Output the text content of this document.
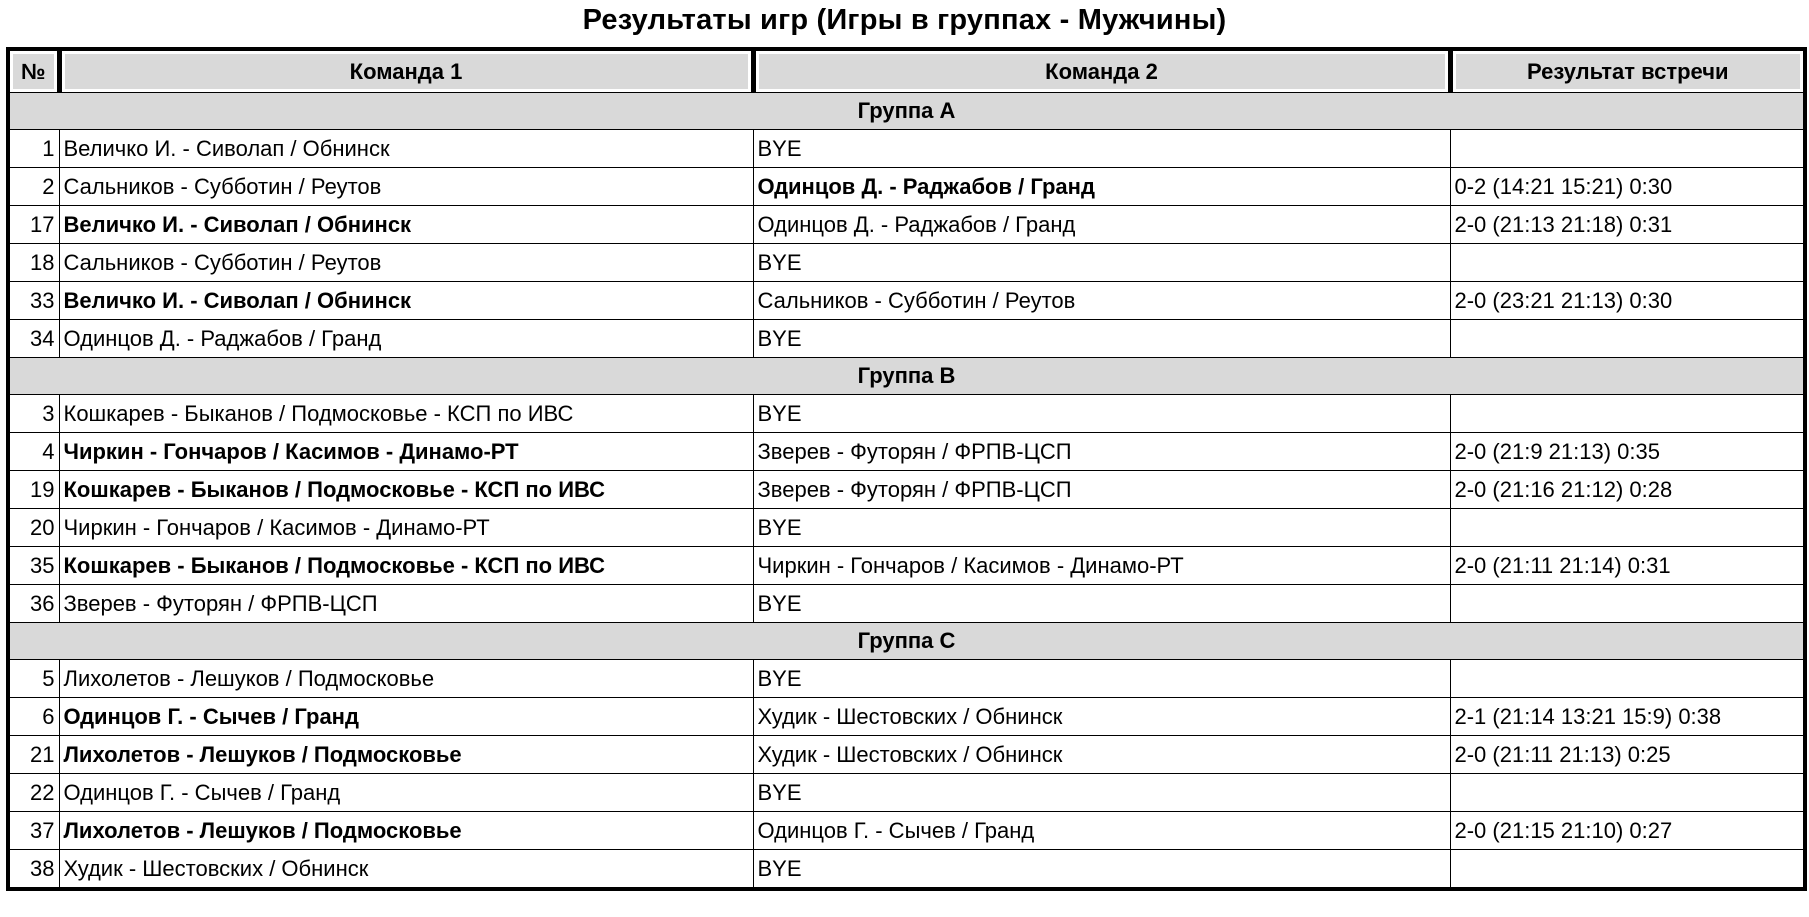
Результаты игр (Игры в группах - Мужчины)
№	Команда 1	Команда 2	Результат встречи
Группа А			
1	Величко И. - Сиволап / Обнинск	BYE	
2	Сальников - Субботин / Реутов	Одинцов Д. - Раджабов / Гранд	0-2 (14:21 15:21) 0:30
17	Величко И. - Сиволап / Обнинск	Одинцов Д. - Раджабов / Гранд	2-0 (21:13 21:18) 0:31
18	Сальников - Субботин / Реутов	BYE	
33	Величко И. - Сиволап / Обнинск	Сальников - Субботин / Реутов	2-0 (23:21 21:13) 0:30
34	Одинцов Д. - Раджабов / Гранд	BYE	
Группа В			
3	Кошкарев - Быканов / Подмосковье - КСП по ИВС	BYE	
4	Чиркин - Гончаров / Касимов - Динамо-РТ	Зверев - Футорян / ФРПВ-ЦСП	2-0 (21:9 21:13) 0:35
19	Кошкарев - Быканов / Подмосковье - КСП по ИВС	Зверев - Футорян / ФРПВ-ЦСП	2-0 (21:16 21:12) 0:28
20	Чиркин - Гончаров / Касимов - Динамо-РТ	BYE	
35	Кошкарев - Быканов / Подмосковье - КСП по ИВС	Чиркин - Гончаров / Касимов - Динамо-РТ	2-0 (21:11 21:14) 0:31
36	Зверев - Футорян / ФРПВ-ЦСП	BYE	
Группа С			
5	Лихолетов - Лешуков / Подмосковье	BYE	
6	Одинцов Г. - Сычев / Гранд	Худик - Шестовских / Обнинск	2-1 (21:14 13:21 15:9) 0:38
21	Лихолетов - Лешуков / Подмосковье	Худик - Шестовских / Обнинск	2-0 (21:11 21:13) 0:25
22	Одинцов Г. - Сычев / Гранд	BYE	
37	Лихолетов - Лешуков / Подмосковье	Одинцов Г. - Сычев / Гранд	2-0 (21:15 21:10) 0:27
38	Худик - Шестовских / Обнинск	BYE	
